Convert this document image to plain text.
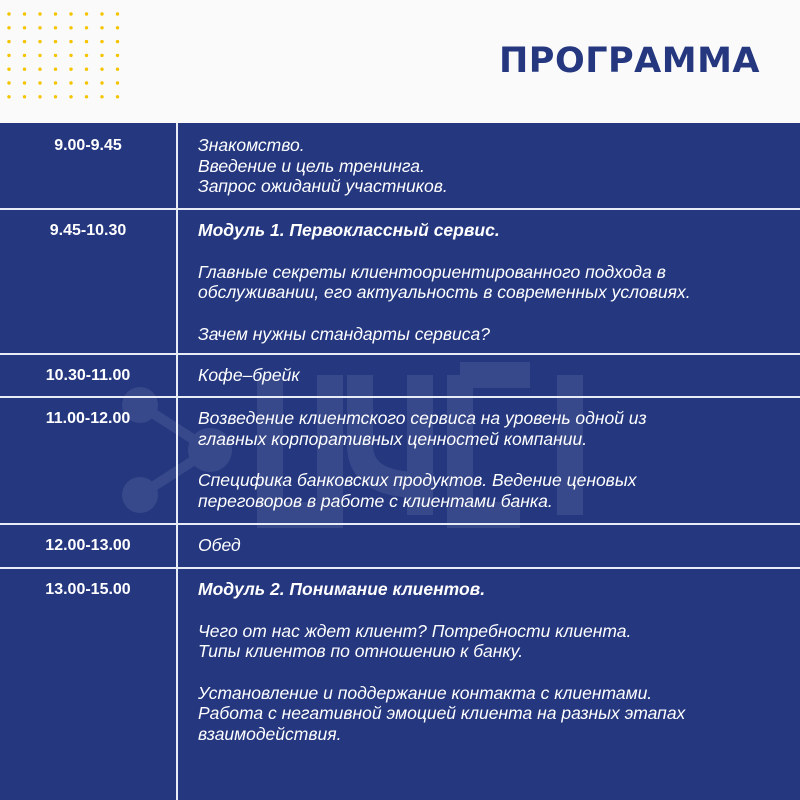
ПРОГРАММА
9.00-9.45	Знакомство.
Введение и цель тренинга.
Запрос ожиданий участников.
9.45-10.30	Модуль 1. Первоклассный сервис.
Главные секреты клиентоориентированного подхода в
обслуживании, его актуальность в современных условиях.
Зачем нужны стандарты сервиса?
10.30-11.00	Кофе–брейк
11.00-12.00	Возведение клиентского сервиса на уровень одной из
главных корпоративных ценностей компании.
Специфика банковских продуктов. Ведение ценовых
переговоров в работе с клиентами банка.
12.00-13.00	Обед
13.00-15.00	Модуль 2. Понимание клиентов.
Чего от нас ждет клиент? Потребности клиента.
Типы клиентов по отношению к банку.
Установление и поддержание контакта с клиентами.
Работа с негативной эмоцией клиента на разных этапах
взаимодействия.
